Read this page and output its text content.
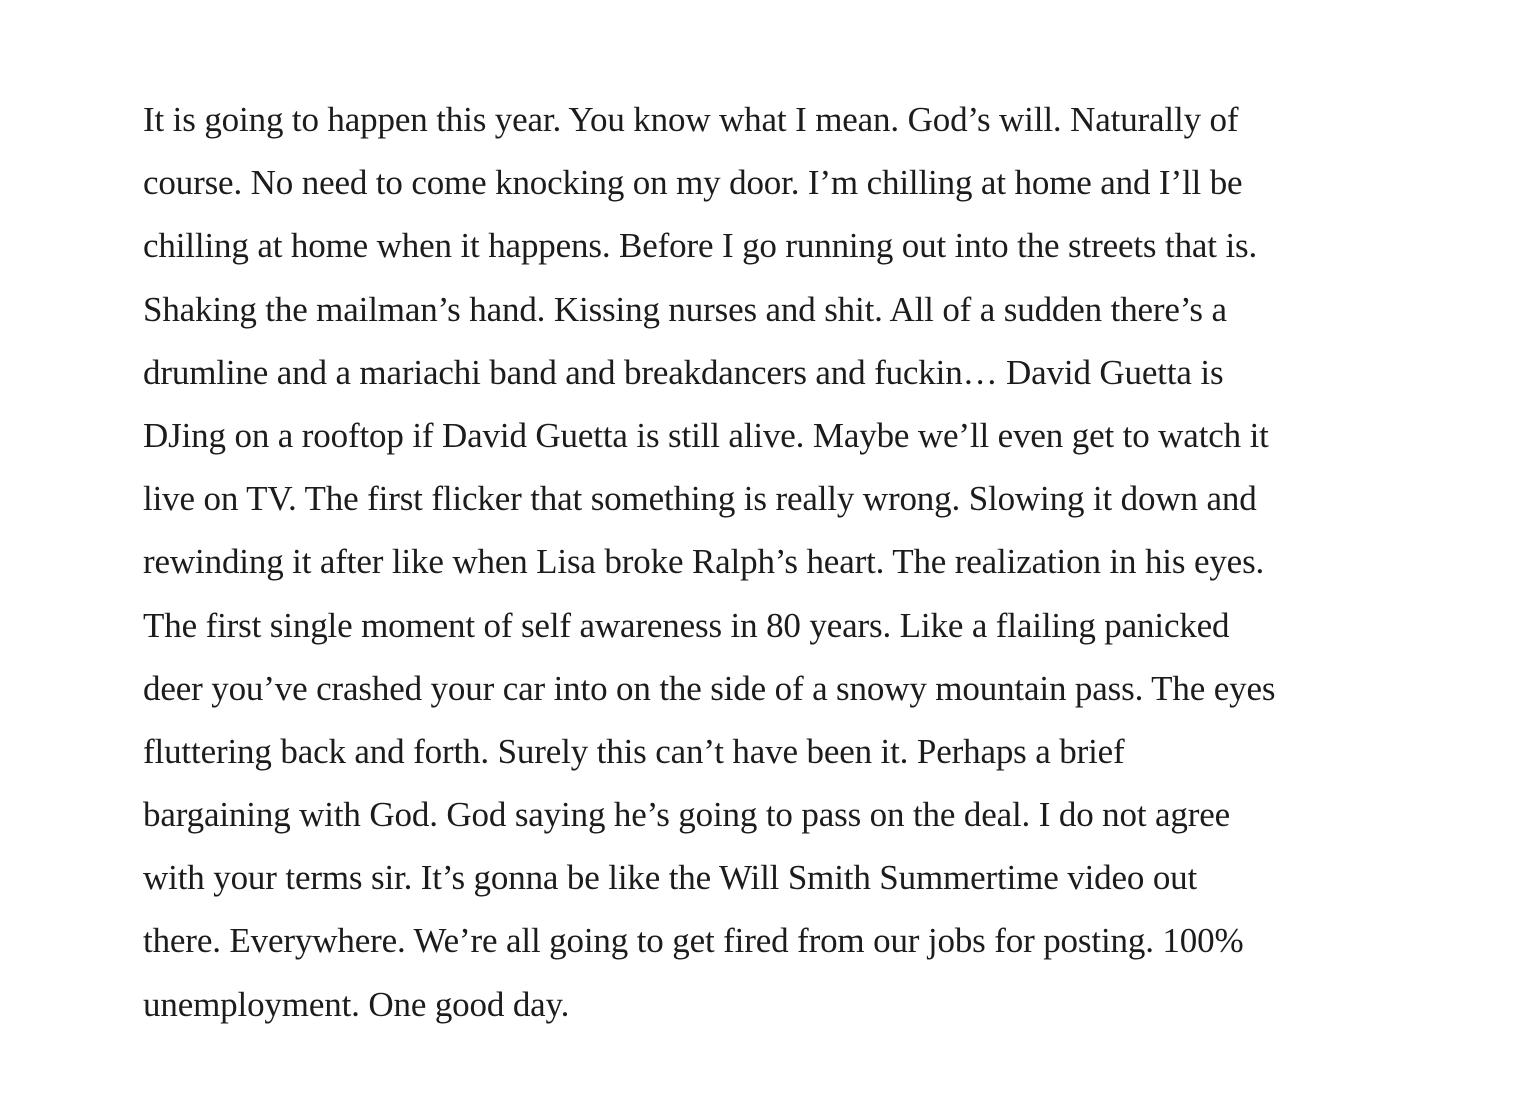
It is going to happen this year. You know what I mean. God’s will. Naturally of
course. No need to come knocking on my door. I’m chilling at home and I’ll be
chilling at home when it happens. Before I go running out into the streets that is.
Shaking the mailman’s hand. Kissing nurses and shit. All of a sudden there’s a
drumline and a mariachi band and breakdancers and fuckin… David Guetta is
DJing on a rooftop if David Guetta is still alive. Maybe we’ll even get to watch it
live on TV. The first flicker that something is really wrong. Slowing it down and
rewinding it after like when Lisa broke Ralph’s heart. The realization in his eyes.
The first single moment of self awareness in 80 years. Like a flailing panicked
deer you’ve crashed your car into on the side of a snowy mountain pass. The eyes
fluttering back and forth. Surely this can’t have been it. Perhaps a brief
bargaining with God. God saying he’s going to pass on the deal. I do not agree
with your terms sir. It’s gonna be like the Will Smith Summertime video out
there. Everywhere. We’re all going to get fired from our jobs for posting. 100%
unemployment. One good day.
